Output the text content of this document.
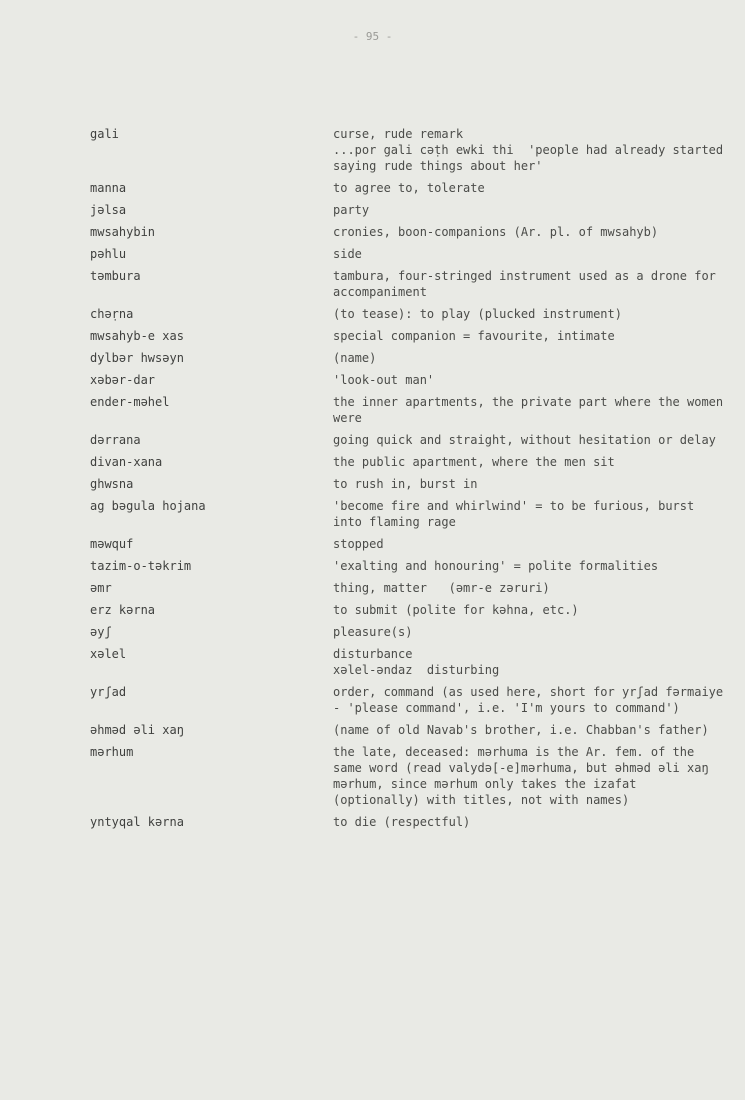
- 95 -
gali	curse, rude remark
...por gali cəṭh ewki thi  'people had already started saying rude things about her'
manna	to agree to, tolerate
jəlsa	party
mwsahybin	cronies, boon-companions (Ar. pl. of mwsahyb)
pəhlu	side
təmbura	tambura, four-stringed instrument used as a drone for accompaniment
chəṛna	(to tease): to play (plucked instrument)
mwsahyb-e xas	special companion = favourite, intimate
dylbər hwsəyn	(name)
xəbər-dar	'look-out man'
ender-məhel	the inner apartments, the private part where the women were
dərrana	going quick and straight, without hesitation or delay
divan-xana	the public apartment, where the men sit
ghwsna	to rush in, burst in
ag bəgula hojana	'become fire and whirlwind' = to be furious, burst into flaming rage
məwquf	stopped
tazim-o-təkrim	'exalting and honouring' = polite formalities
əmr	thing, matter   (əmr-e zəruri)
erz kərna	to submit (polite for kəhna, etc.)
əyʃ	pleasure(s)
xəlel	disturbance
xəlel-əndaz  disturbing
yrʃad	order, command (as used here, short for yrʃad fərmaiye - 'please command', i.e. 'I'm yours to command')
əhməd əli xaŋ	(name of old Navab's brother, i.e. Chabban's father)
mərhum	the late, deceased: mərhuma is the Ar. fem. of the same word (read valydə[-e]mərhuma, but əhməd əli xaŋ mərhum, since mərhum only takes the izafat (optionally) with titles, not with names)
yntyqal kərna	to die (respectful)
